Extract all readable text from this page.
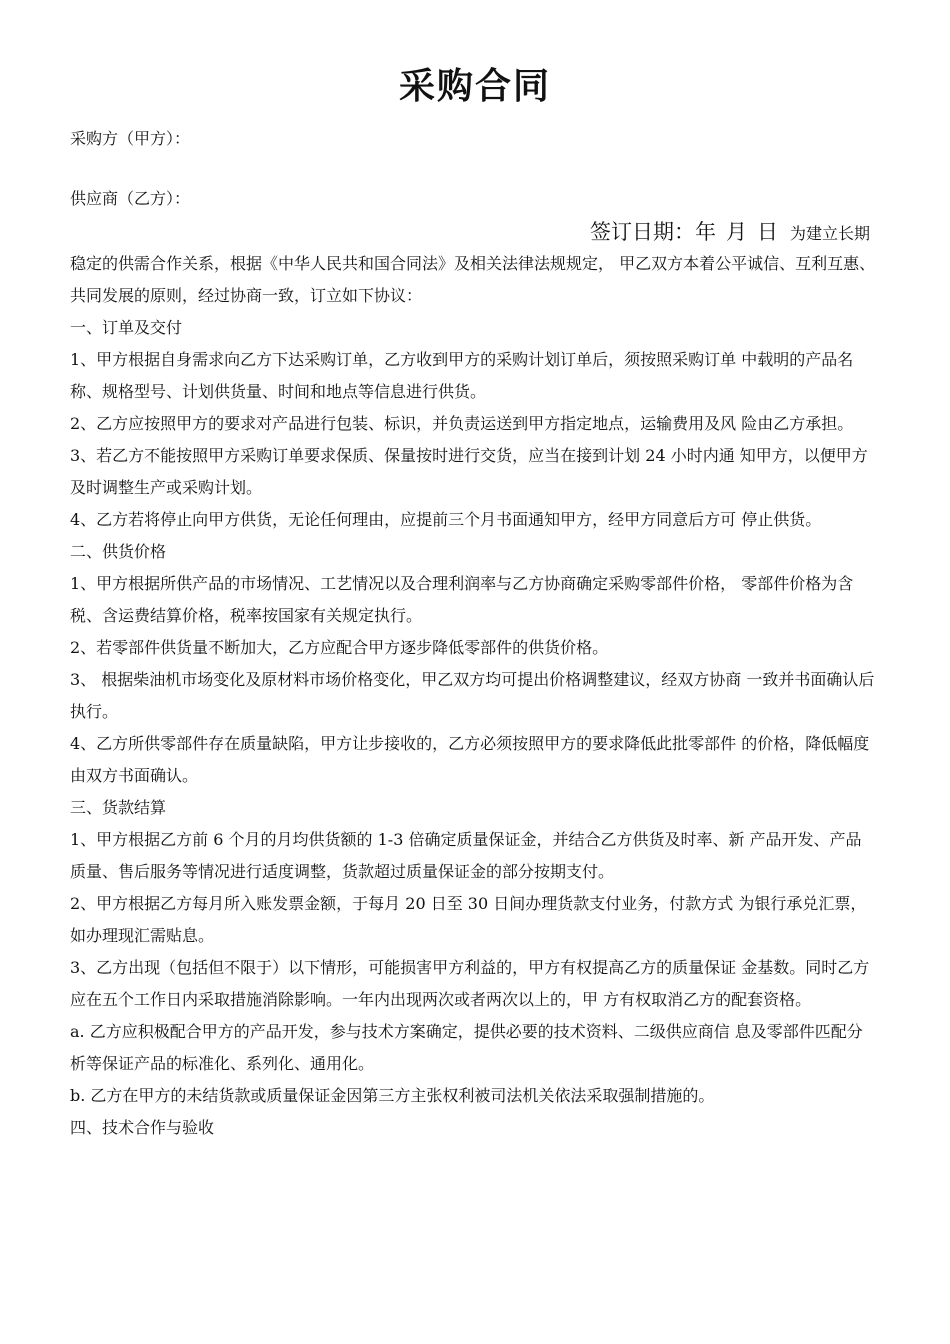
采购合同
采购方（甲方）：
供应商（乙方）：
签订日期：年 月 日 为建立长期

稳定的供需合作关系，根据《中华人民共和国合同法》及相关法律法规规定， 甲乙双方本着公平诚信、互利互惠、共同发展的原则，经过协商一致，订立如下协议：

一、订单及交付

1、甲方根据自身需求向乙方下达采购订单，乙方收到甲方的采购计划订单后，须按照采购订单 中载明的产品名称、规格型号、计划供货量、时间和地点等信息进行供货。

2、乙方应按照甲方的要求对产品进行包装、标识，并负责运送到甲方指定地点，运输费用及风 险由乙方承担。

3、若乙方不能按照甲方采购订单要求保质、保量按时进行交货，应当在接到计划 24 小时内通 知甲方，以便甲方及时调整生产或采购计划。

4、乙方若将停止向甲方供货，无论任何理由，应提前三个月书面通知甲方，经甲方同意后方可 停止供货。

二、供货价格

1、甲方根据所供产品的市场情况、工艺情况以及合理利润率与乙方协商确定采购零部件价格， 零部件价格为含税、含运费结算价格，税率按国家有关规定执行。

2、若零部件供货量不断加大，乙方应配合甲方逐步降低零部件的供货价格。

3、 根据柴油机市场变化及原材料市场价格变化，甲乙双方均可提出价格调整建议，经双方协商 一致并书面确认后执行。

4、乙方所供零部件存在质量缺陷，甲方让步接收的，乙方必须按照甲方的要求降低此批零部件 的价格，降低幅度由双方书面确认。

三、货款结算

1、甲方根据乙方前 6 个月的月均供货额的 1-3 倍确定质量保证金，并结合乙方供货及时率、新 产品开发、产品质量、售后服务等情况进行适度调整，货款超过质量保证金的部分按期支付。

2、甲方根据乙方每月所入账发票金额，于每月 20 日至 30 日间办理货款支付业务，付款方式 为银行承兑汇票，如办理现汇需贴息。

3、乙方出现（包括但不限于）以下情形，可能损害甲方利益的，甲方有权提高乙方的质量保证 金基数。同时乙方应在五个工作日内采取措施消除影响。一年内出现两次或者两次以上的，甲 方有权取消乙方的配套资格。

a. 乙方应积极配合甲方的产品开发，参与技术方案确定，提供必要的技术资料、二级供应商信 息及零部件匹配分析等保证产品的标准化、系列化、通用化。

b. 乙方在甲方的未结货款或质量保证金因第三方主张权利被司法机关依法采取强制措施的。

四、技术合作与验收
